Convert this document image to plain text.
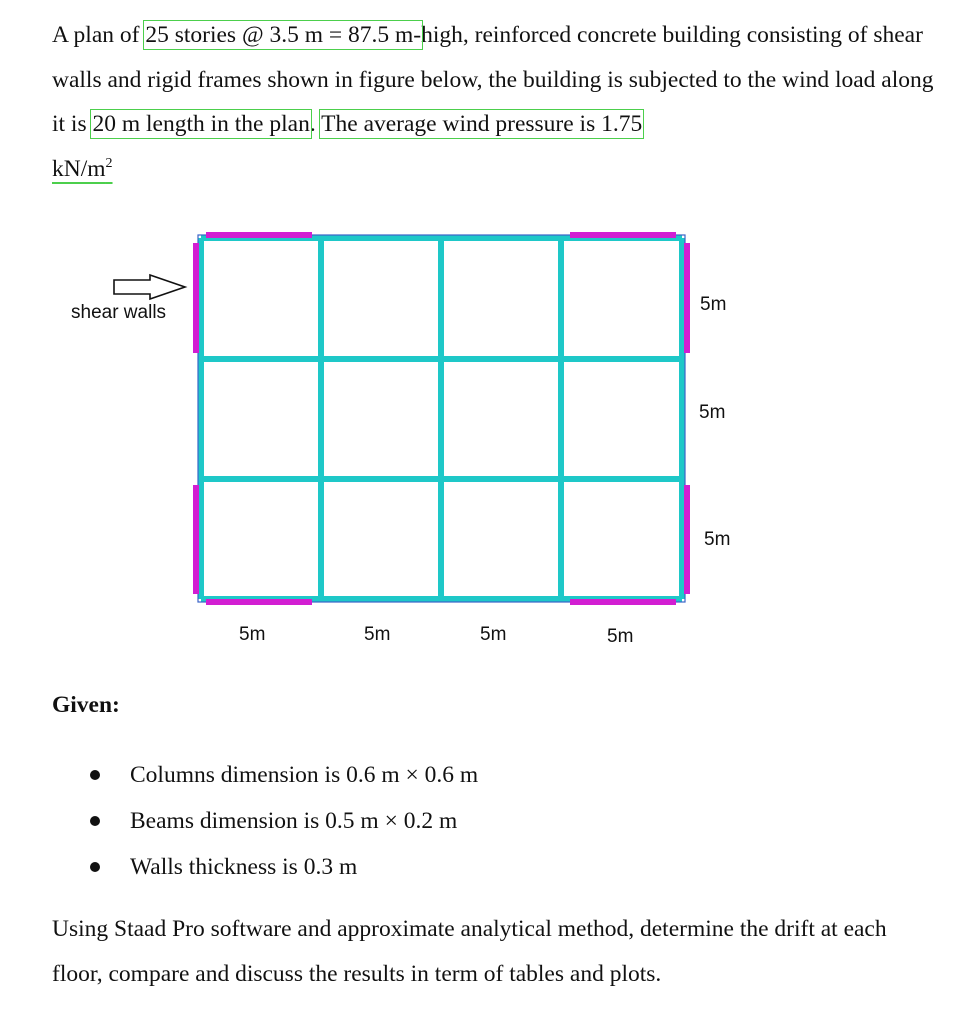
A plan of 25 stories @ 3.5 m = 87.5 m-high, reinforced concrete building consisting of shear walls and rigid frames shown in figure below, the building is subjected to the wind load along it is 20 m length in the plan. The average wind pressure is 1.75
$kN/m^2$
shear walls	5m
5m
5m
5m	5m	5m	5m
Given:
Columns dimension is 0.6 m × 0.6 m
Beams dimension is 0.5 m × 0.2 m
Walls thickness is 0.3 m
Using Staad Pro software and approximate analytical method, determine the drift at each floor, compare and discuss the results in term of tables and plots.
